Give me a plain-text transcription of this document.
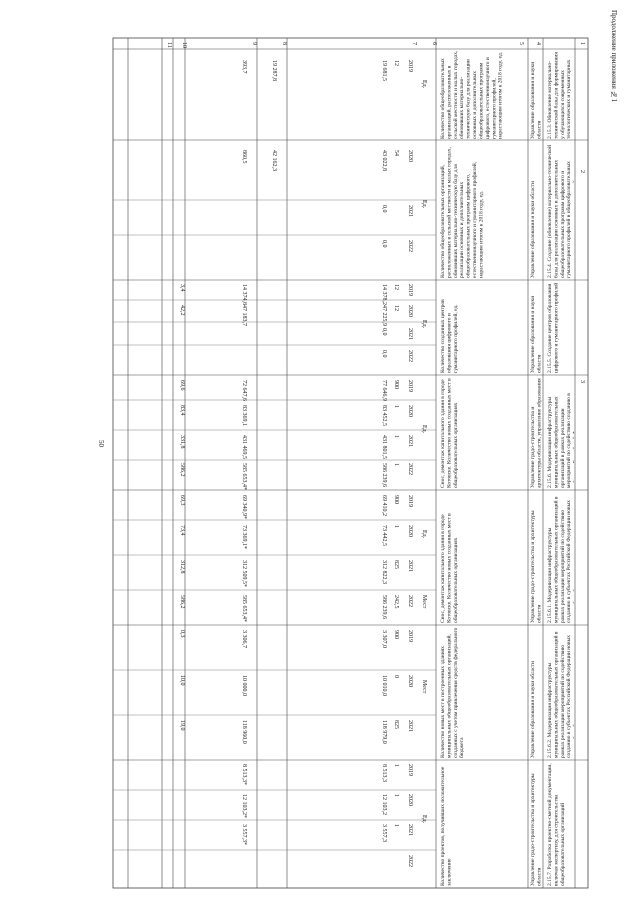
Продолжение приложения №1
50
1
2
3
4
5
6
7
8
9
10
11
2.15.3. Обновление материально-технической базы для формирования у обучающихся современных технологических и гуманитарных
Управление образования и науки области
Количество общеобразовательных организаций, расположенных в сельской местности и малых городах, обновивших материально-техническую базу для реализации основных и дополнительных общеобразовательных программ цифрового, естественнонаучного и гуманитарного профилей, нарастающим итогом к 2018 году, ед.
Ед.
2019
12
19 681,5
19 287,8
393,7
2.15.4. Создание (обновление) материально-технической базы для реализации основных и дополнительных общеобразовательных программ цифрового и гуманитарного профилей в общеобразовательных
Управление образования и науки области
Количество общеобразовательных организаций, расположенных в сельской местности и малых городах, обновивших материально-техническую базу для реализации основных и дополнительных общеобразовательных программ цифрового, естественнонаучного и гуманитарного профилей, нарастающим итогом к 2018 году, ед.
Ед.
2020
54
43 022,8
42 162,3
860,5
2021
0,0
2022
0,0
2.15.5. Создание центров образования цифрового и гуманитарного профилей
Управление образования и науки области
Количество созданных центров образования цифрового и гуманитарного профилей, ед.
Ед.
2019
12
14 378,2
14 374,8
3,4
2020
12
47 225,9
47 183,7
42,2
2021
0,0
2022
0,0
2.15.6. Модернизация инфраструктуры муниципальных общеобразовательных организаций в рамках реализации мероприятий по содействию созданию в
Управление градо-строительства и архитектуры области, управление образования
Снос, демонтаж капитального здания в городе Котовске. Количество новых созданных мест в общеобразовательных организациях
Ед.
2019
900
77 646,9
72 647,6
69,6
2020
1
83 452,5
83 369,1
83,4
2021
1
431 801,5
431 469,5
331,8
2022
1
586 239,6
585 653,4*
586,2
2.15.6.1. Модернизация инфраструктуры муниципальных общеобразовательных организаций в рамках реализации мероприятий по содействию созданию в субъектах Российской Федерации новых
Управление градо-строительства и архитектуры области
Снос, демонтаж капитального здания в городе Котовске. Количество новых созданных мест в общеобразовательных организациях
Ед.
Мест
2019
900
69 410,2
69 340,9*
69,3
2020
1
73 442,5
73 369,1*
73,4
2021
825
312 822,3
312 509,5*
312,8
2022
242,5
586 239,6
585 653,4*
586,2
2.15.6.2. Модернизация инфраструктуры муниципальных общеобразовательных организаций в рамках реализации мероприятий по содействию созданию в субъектах Российской Федерации новых
Управление образования и науки области
Количество новых мест в построенных зданиях муниципальных общеобразовательных организаций, созданных с учетом привлечения средств федерального бюджета
Мест
2019
900
3 307,0
3 306,7
0,3
2020
0
10 010,0
10 000,0
10,0
2021
825
118 979,0
118 960,0
19,0
2.15.7. Разработка проектно-сметной документации, включая экспертизу, для строительства общеобразовательных организаций
Управление градо-строительства и архитектуры области
Количество проектов, получивших положительное заключение
Ед.
2019
1
8 513,3
8 513,3*
2020
1
12 103,2
12 103,2*
2021
1
3 557,3
3 557,3*
2022
